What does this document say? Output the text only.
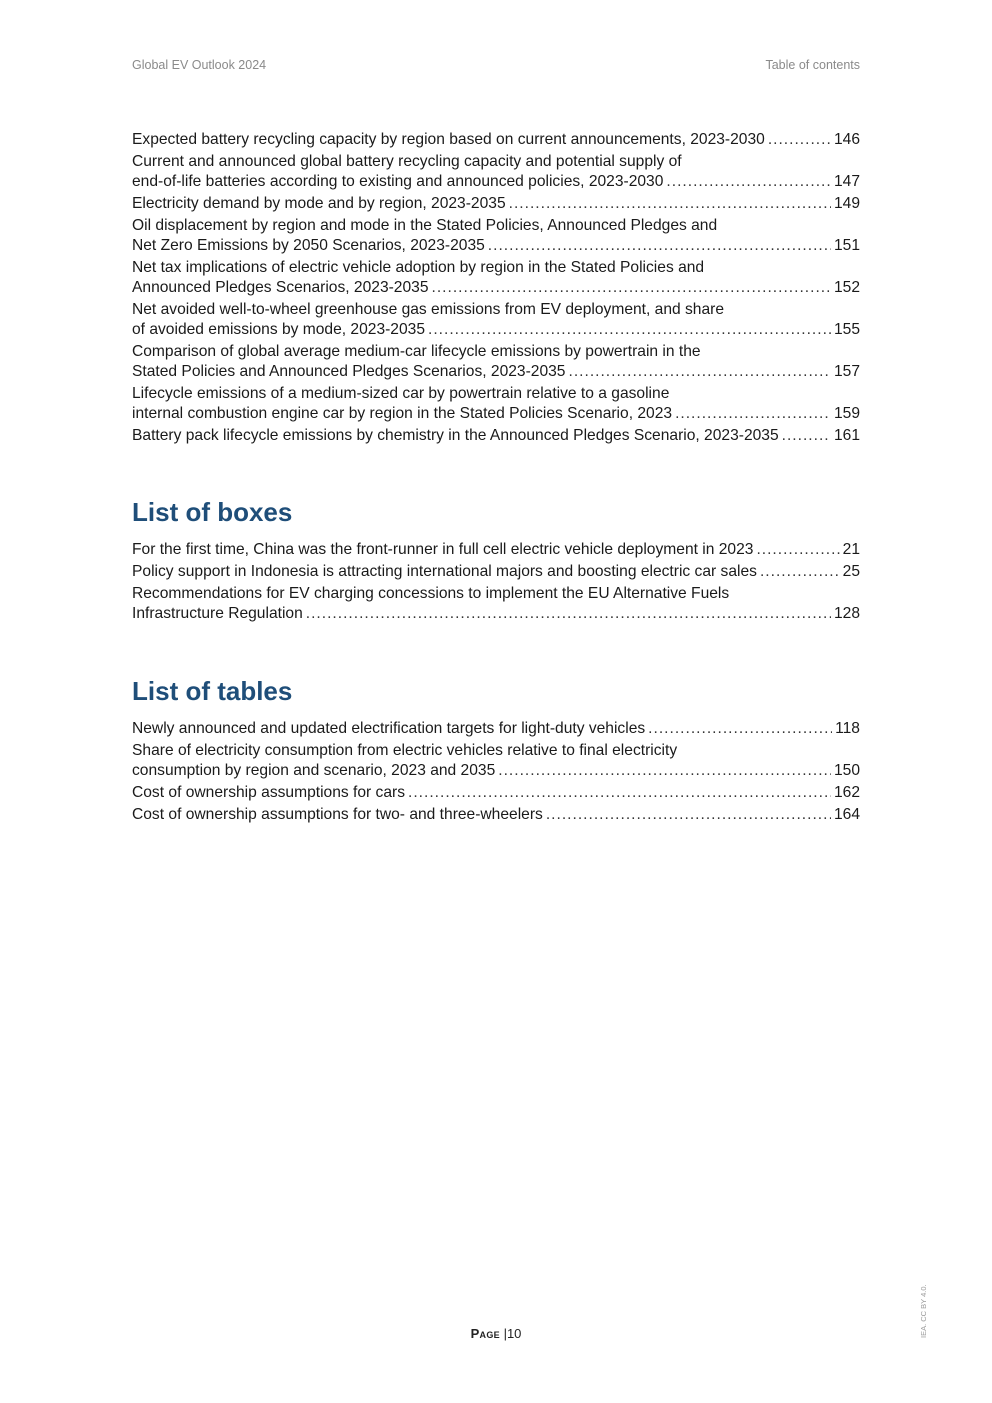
Global EV Outlook 2024	Table of contents
Expected battery recycling capacity by region based on current announcements, 2023-2030 .....	146
Current and announced global battery recycling capacity and potential supply of
end-of-life batteries according to existing and announced policies, 2023-2030 .....	147
Electricity demand by mode and by region, 2023-2035 .....	149
Oil displacement by region and mode in the Stated Policies, Announced Pledges and
Net Zero Emissions by 2050 Scenarios, 2023-2035 .....	151
Net tax implications of electric vehicle adoption by region in the Stated Policies and
Announced Pledges Scenarios, 2023-2035 .....	152
Net avoided well-to-wheel greenhouse gas emissions from EV deployment, and share
of avoided emissions by mode, 2023-2035 .....	155
Comparison of global average medium-car lifecycle emissions by powertrain in the
Stated Policies and Announced Pledges Scenarios, 2023-2035 .....	157
Lifecycle emissions of a medium-sized car by powertrain relative to a gasoline
internal combustion engine car by region in the Stated Policies Scenario, 2023 .....	159
Battery pack lifecycle emissions by chemistry in the Announced Pledges Scenario, 2023-2035 .....	161
List of boxes
For the first time, China was the front-runner in full cell electric vehicle deployment in 2023 .....	21
Policy support in Indonesia is attracting international majors and boosting electric car sales .....	25
Recommendations for EV charging concessions to implement the EU Alternative Fuels
Infrastructure Regulation .....	128
List of tables
Newly announced and updated electrification targets for light-duty vehicles .....	118
Share of electricity consumption from electric vehicles relative to final electricity
consumption by region and scenario, 2023 and 2035 .....	150
Cost of ownership assumptions for cars .....	162
Cost of ownership assumptions for two- and three-wheelers .....	164
Page |10	IEA. CC BY 4.0.
